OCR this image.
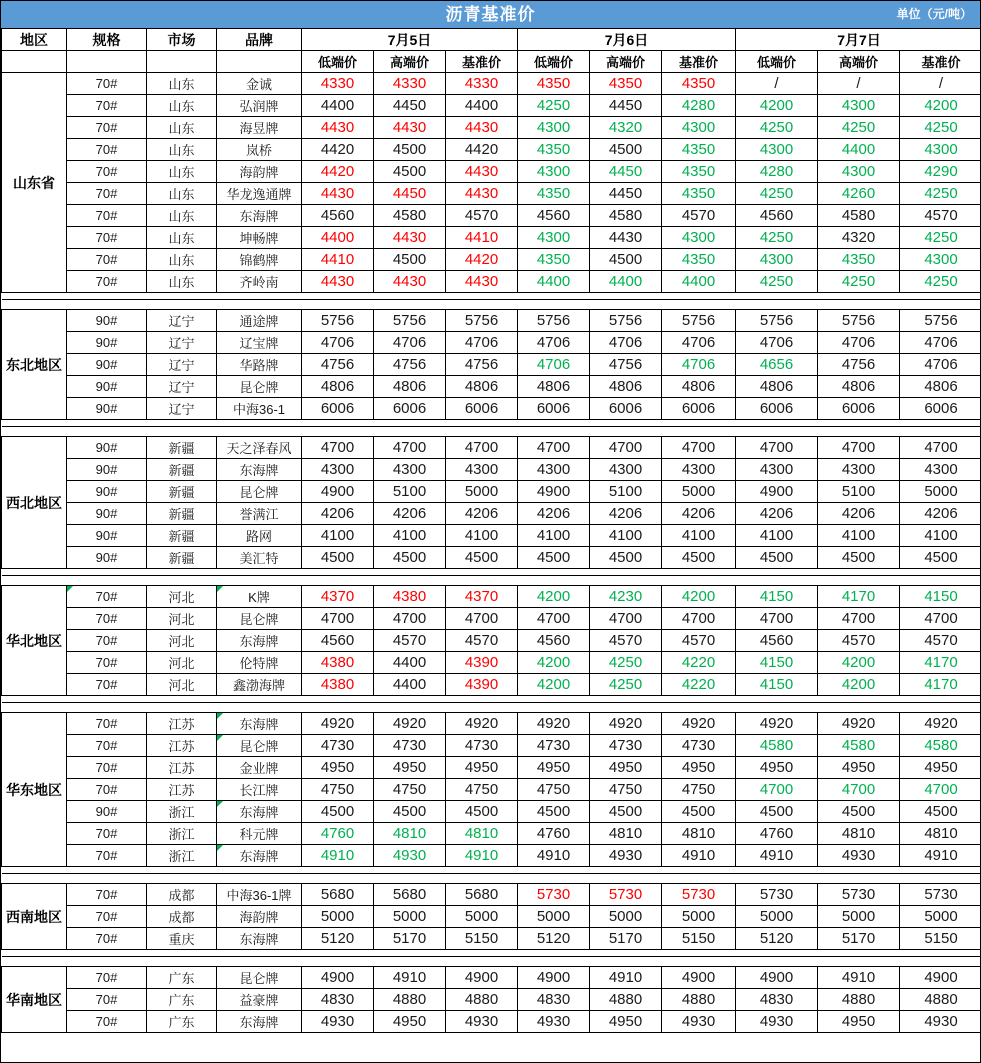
沥青基准价	单位（元/吨）
地区	规格	市场	品牌	7月5日			7月6日			7月7日		
				低端价	高端价	基准价	低端价	高端价	基准价	低端价	高端价	基准价
山东省	70#	山东	金诚	4330	4330	4330	4350	4350	4350	/	/	/
	70#	山东	弘润牌	4400	4450	4400	4250	4450	4280	4200	4300	4200
	70#	山东	海昱牌	4430	4430	4430	4300	4320	4300	4250	4250	4250
	70#	山东	岚桥	4420	4500	4420	4350	4500	4350	4300	4400	4300
	70#	山东	海韵牌	4420	4500	4430	4300	4450	4350	4280	4300	4290
	70#	山东	华龙逸通牌	4430	4450	4430	4350	4450	4350	4250	4260	4250
	70#	山东	东海牌	4560	4580	4570	4560	4580	4570	4560	4580	4570
	70#	山东	坤畅牌	4400	4430	4410	4300	4430	4300	4250	4320	4250
	70#	山东	锦鹤牌	4410	4500	4420	4350	4500	4350	4300	4350	4300
	70#	山东	齐岭南	4430	4430	4430	4400	4400	4400	4250	4250	4250

东北地区	90#	辽宁	通途牌	5756	5756	5756	5756	5756	5756	5756	5756	5756
	90#	辽宁	辽宝牌	4706	4706	4706	4706	4706	4706	4706	4706	4706
	90#	辽宁	华路牌	4756	4756	4756	4706	4756	4706	4656	4756	4706
	90#	辽宁	昆仑牌	4806	4806	4806	4806	4806	4806	4806	4806	4806
	90#	辽宁	中海36-1	6006	6006	6006	6006	6006	6006	6006	6006	6006

西北地区	90#	新疆	天之泽春风	4700	4700	4700	4700	4700	4700	4700	4700	4700
	90#	新疆	东海牌	4300	4300	4300	4300	4300	4300	4300	4300	4300
	90#	新疆	昆仑牌	4900	5100	5000	4900	5100	5000	4900	5100	5000
	90#	新疆	誉满江	4206	4206	4206	4206	4206	4206	4206	4206	4206
	90#	新疆	路网	4100	4100	4100	4100	4100	4100	4100	4100	4100
	90#	新疆	美汇特	4500	4500	4500	4500	4500	4500	4500	4500	4500

华北地区	70#	河北	K牌	4370	4380	4370	4200	4230	4200	4150	4170	4150
	70#	河北	昆仑牌	4700	4700	4700	4700	4700	4700	4700	4700	4700
	70#	河北	东海牌	4560	4570	4570	4560	4570	4570	4560	4570	4570
	70#	河北	伦特牌	4380	4400	4390	4200	4250	4220	4150	4200	4170
	70#	河北	鑫渤海牌	4380	4400	4390	4200	4250	4220	4150	4200	4170

华东地区	70#	江苏	东海牌	4920	4920	4920	4920	4920	4920	4920	4920	4920
	70#	江苏	昆仑牌	4730	4730	4730	4730	4730	4730	4580	4580	4580
	70#	江苏	金业牌	4950	4950	4950	4950	4950	4950	4950	4950	4950
	70#	江苏	长江牌	4750	4750	4750	4750	4750	4750	4700	4700	4700
	90#	浙江	东海牌	4500	4500	4500	4500	4500	4500	4500	4500	4500
	70#	浙江	科元牌	4760	4810	4810	4760	4810	4810	4760	4810	4810
	70#	浙江	东海牌	4910	4930	4910	4910	4930	4910	4910	4930	4910

西南地区	70#	成都	中海36-1牌	5680	5680	5680	5730	5730	5730	5730	5730	5730
	70#	成都	海韵牌	5000	5000	5000	5000	5000	5000	5000	5000	5000
	70#	重庆	东海牌	5120	5170	5150	5120	5170	5150	5120	5170	5150

华南地区	70#	广东	昆仑牌	4900	4910	4900	4900	4910	4900	4900	4910	4900
	70#	广东	益豪牌	4830	4880	4880	4830	4880	4880	4830	4880	4880
	70#	广东	东海牌	4930	4950	4930	4930	4950	4930	4930	4950	4930
